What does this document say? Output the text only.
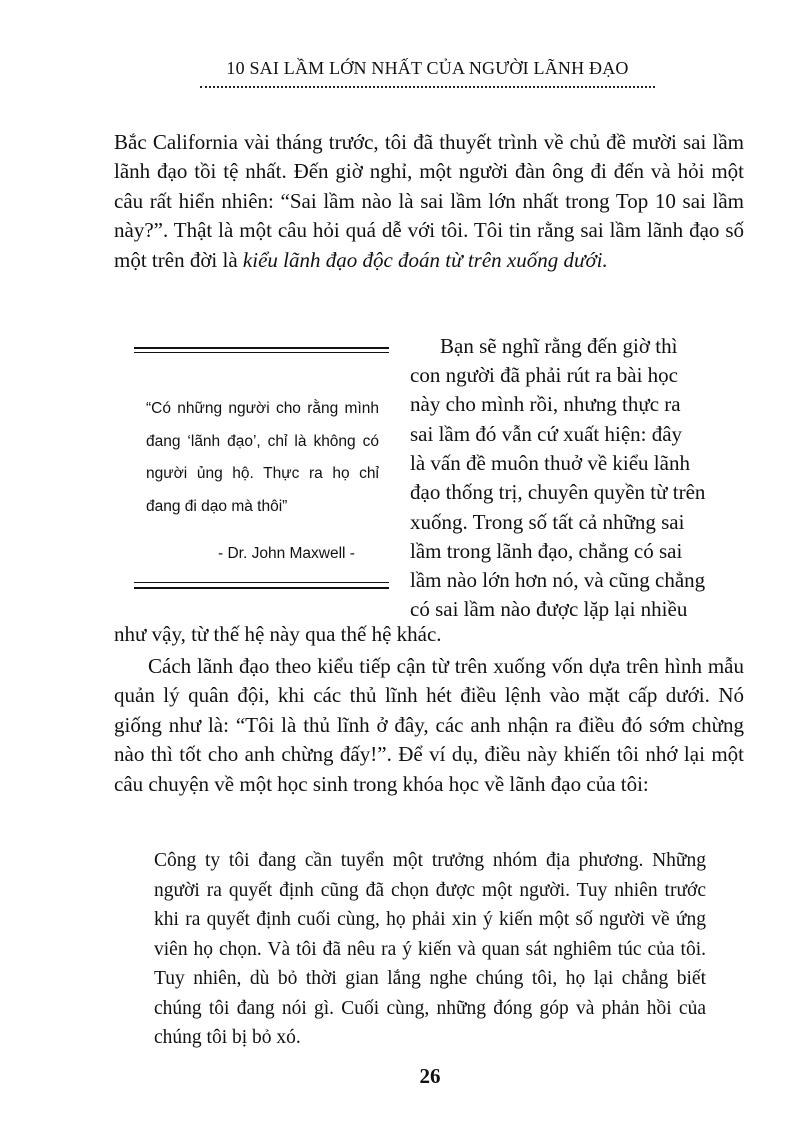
10 SAI LẦM LỚN NHẤT CỦA NGƯỜI LÃNH ĐẠO

Bắc California vài tháng trước, tôi đã thuyết trình về chủ đề mười sai lầm lãnh đạo tồi tệ nhất. Đến giờ nghỉ, một người đàn ông đi đến và hỏi một câu rất hiển nhiên: “Sai lầm nào là sai lầm lớn nhất trong Top 10 sai lầm này?”. Thật là một câu hỏi quá dễ với tôi. Tôi tin rằng sai lầm lãnh đạo số một trên đời là kiểu lãnh đạo độc đoán từ trên xuống dưới.

“Có những người cho rằng mình đang ‘lãnh đạo’, chỉ là không có người ủng hộ. Thực ra họ chỉ đang đi dạo mà thôi”

- Dr. John Maxwell -
Bạn sẽ nghĩ rằng đến giờ thì
con người đã phải rút ra bài học
này cho mình rồi, nhưng thực ra
sai lầm đó vẫn cứ xuất hiện: đây
là vấn đề muôn thuở về kiểu lãnh
đạo thống trị, chuyên quyền từ trên
xuống. Trong số tất cả những sai
lầm trong lãnh đạo, chẳng có sai
lầm nào lớn hơn nó, và cũng chẳng
có sai lầm nào được lặp lại nhiều

như vậy, từ thế hệ này qua thế hệ khác.

Cách lãnh đạo theo kiểu tiếp cận từ trên xuống vốn dựa trên hình mẫu quản lý quân đội, khi các thủ lĩnh hét điều lệnh vào mặt cấp dưới. Nó giống như là: “Tôi là thủ lĩnh ở đây, các anh nhận ra điều đó sớm chừng nào thì tốt cho anh chừng đấy!”. Để ví dụ, điều này khiến tôi nhớ lại một câu chuyện về một học sinh trong khóa học về lãnh đạo của tôi:

Công ty tôi đang cần tuyển một trưởng nhóm địa phương. Những người ra quyết định cũng đã chọn được một người. Tuy nhiên trước khi ra quyết định cuối cùng, họ phải xin ý kiến một số người về ứng viên họ chọn. Và tôi đã nêu ra ý kiến và quan sát nghiêm túc của tôi. Tuy nhiên, dù bỏ thời gian lắng nghe chúng tôi, họ lại chẳng biết chúng tôi đang nói gì. Cuối cùng, những đóng góp và phản hồi của chúng tôi bị bỏ xó.

26
